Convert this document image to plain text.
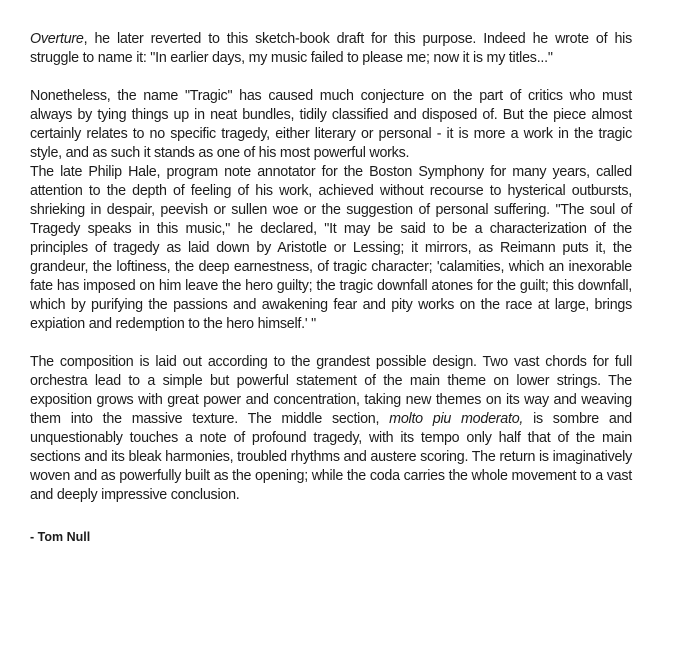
Overture, he later reverted to this sketch-book draft for this purpose. Indeed he wrote of his struggle to name it: "In earlier days, my music failed to please me; now it is my titles..."

Nonetheless, the name "Tragic" has caused much conjecture on the part of critics who must always by tying things up in neat bundles, tidily classified and disposed of. But the piece almost certainly relates to no specific tragedy, either literary or personal - it is more a work in the tragic style, and as such it stands as one of his most powerful works.

The late Philip Hale, program note annotator for the Boston Symphony for many years, called attention to the depth of feeling of his work, achieved without recourse to hysterical outbursts, shrieking in despair, peevish or sullen woe or the suggestion of personal suffering. "The soul of Tragedy speaks in this music," he declared, "It may be said to be a characterization of the principles of tragedy as laid down by Aristotle or Lessing; it mirrors, as Reimann puts it, the grandeur, the loftiness, the deep earnestness, of tragic character; 'calamities, which an inexorable fate has imposed on him leave the hero guilty; the tragic downfall atones for the guilt; this downfall, which by purifying the passions and awakening fear and pity works on the race at large, brings expiation and redemption to the hero himself.' "

The composition is laid out according to the grandest possible design. Two vast chords for full orchestra lead to a simple but powerful statement of the main theme on lower strings. The exposition grows with great power and concentration, taking new themes on its way and weaving them into the massive texture. The middle section, molto piu moderato, is sombre and unquestionably touches a note of profound tragedy, with its tempo only half that of the main sections and its bleak harmonies, troubled rhythms and austere scoring. The return is imaginatively woven and as powerfully built as the opening; while the coda carries the whole movement to a vast and deeply impressive conclusion.

- Tom Null
